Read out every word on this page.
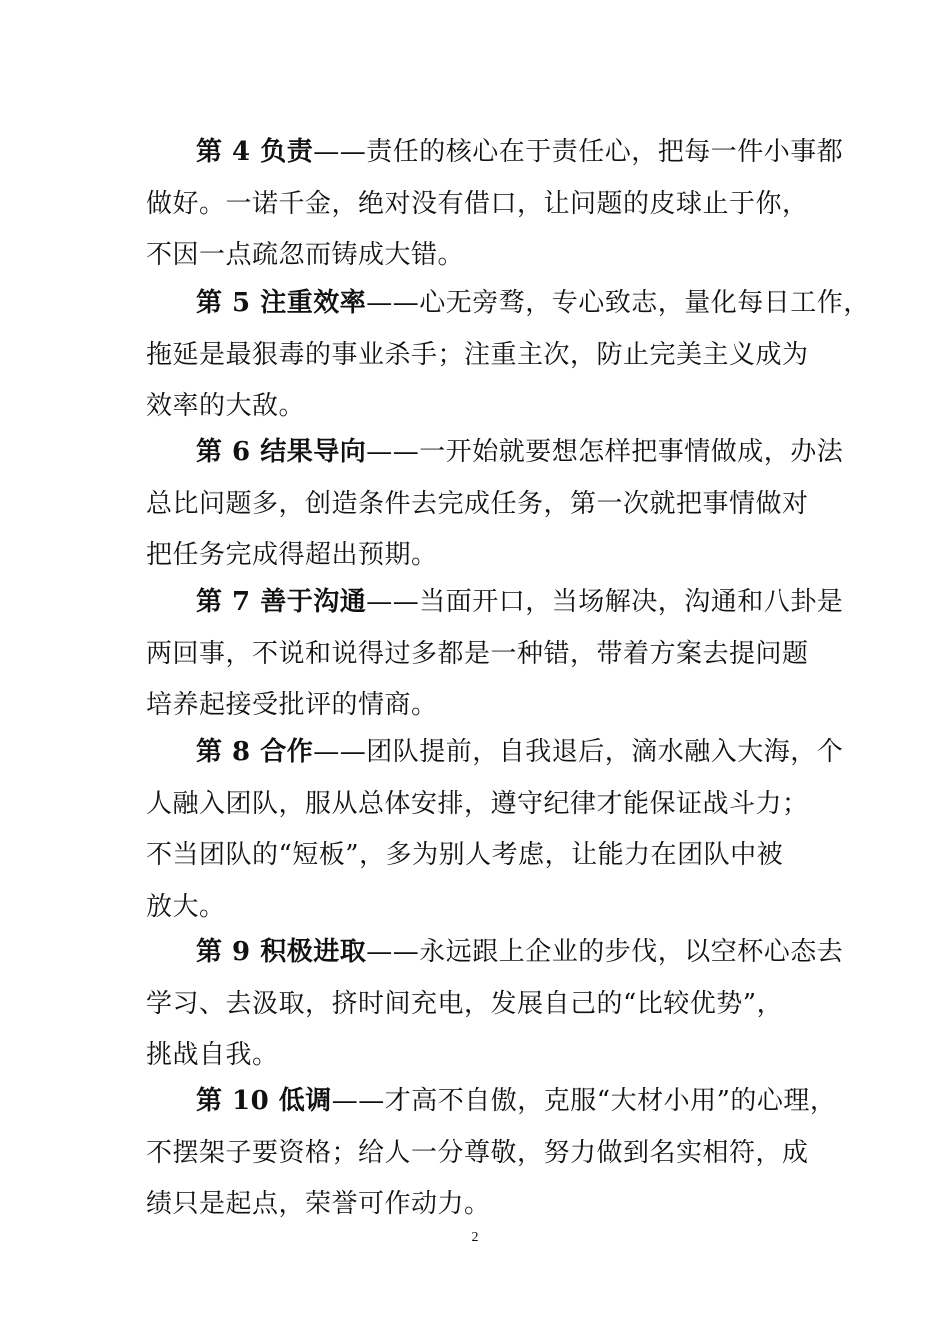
第 4 负责——责任的核心在于责任心，把每一件小事都
做好。一诺千金，绝对没有借口，让问题的皮球止于你，
不因一点疏忽而铸成大错。

第 5 注重效率——心无旁骛，专心致志，量化每日工作，
拖延是最狠毒的事业杀手；注重主次，防止完美主义成为
效率的大敌。

第 6 结果导向——一开始就要想怎样把事情做成，办法
总比问题多，创造条件去完成任务，第一次就把事情做对
把任务完成得超出预期。

第 7 善于沟通——当面开口，当场解决，沟通和八卦是
两回事，不说和说得过多都是一种错，带着方案去提问题
培养起接受批评的情商。

第 8 合作——团队提前，自我退后，滴水融入大海，个
人融入团队，服从总体安排，遵守纪律才能保证战斗力；
不当团队的“短板”，多为别人考虑，让能力在团队中被
放大。

第 9 积极进取——永远跟上企业的步伐，以空杯心态去
学习、去汲取，挤时间充电，发展自己的“比较优势”，
挑战自我。

第 10 低调——才高不自傲，克服“大材小用”的心理，
不摆架子要资格；给人一分尊敬，努力做到名实相符，成
绩只是起点，荣誉可作动力。

2
